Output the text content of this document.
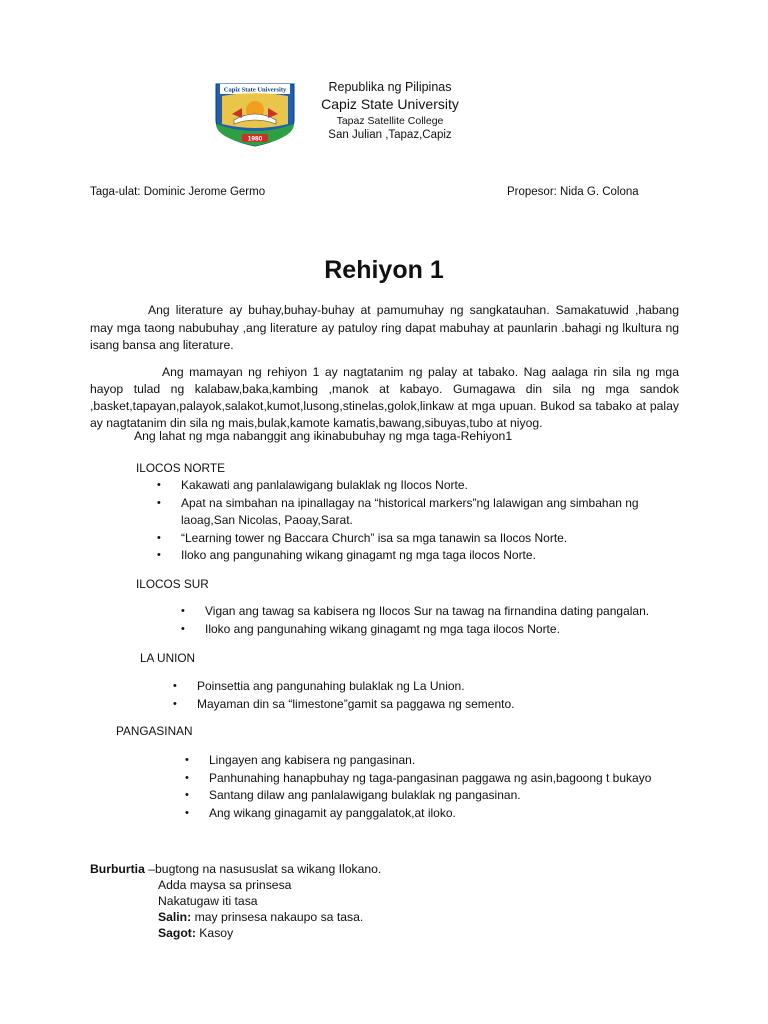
Capiz State University
1980
Republika ng Pilipinas
Capiz State University
Tapaz Satellite College
San Julian ,Tapaz,Capiz
Taga-ulat: Dominic Jerome Germo	Propesor: Nida G. Colona
Rehiyon 1
Ang literature ay buhay,buhay-buhay at pamumuhay ng sangkatauhan. Samakatuwid ,habang may mga taong nabubuhay ,ang literature ay patuloy ring dapat mabuhay at paunlarin .bahagi ng lkultura ng isang bansa ang literature.
Ang mamayan ng rehiyon 1 ay nagtatanim ng palay at tabako. Nag aalaga rin sila ng mga hayop tulad ng kalabaw,baka,kambing ,manok at kabayo. Gumagawa din sila ng mga sandok ,basket,tapayan,palayok,salakot,kumot,lusong,stinelas,golok,linkaw at mga upuan. Bukod sa tabako at palay ay nagtatanim din sila ng mais,bulak,kamote kamatis,bawang,sibuyas,tubo at niyog.
Ang lahat ng mga nabanggit ang ikinabubuhay ng mga taga-Rehiyon1
ILOCOS NORTE
• Kakawati ang panlalawigang bulaklak ng Ilocos Norte.
• Apat na simbahan na ipinallagay na “historical markers”ng lalawigan ang simbahan ng laoag,San Nicolas, Paoay,Sarat.
• “Learning tower ng Baccara Church” isa sa mga tanawin sa Ilocos Norte.
• Iloko ang pangunahing wikang ginagamt ng mga taga ilocos Norte.
ILOCOS SUR
• Vigan ang tawag sa kabisera ng Ilocos Sur na tawag na firnandina dating pangalan.
• Iloko ang pangunahing wikang ginagamt ng mga taga ilocos Norte.
LA UNION
• Poinsettia ang pangunahing bulaklak ng La Union.
• Mayaman din sa “limestone”gamit sa paggawa ng semento.
PANGASINAN
• Lingayen ang kabisera ng pangasinan.
• Panhunahing hanapbuhay ng taga-pangasinan paggawa ng asin,bagoong t bukayo
• Santang dilaw ang panlalawigang bulaklak ng pangasinan.
• Ang wikang ginagamit ay panggalatok,at iloko.
Burburtia –bugtong na nasususlat sa wikang Ilokano.
Adda maysa sa prinsesa
Nakatugaw iti tasa
Salin: may prinsesa nakaupo sa tasa.
Sagot: Kasoy
